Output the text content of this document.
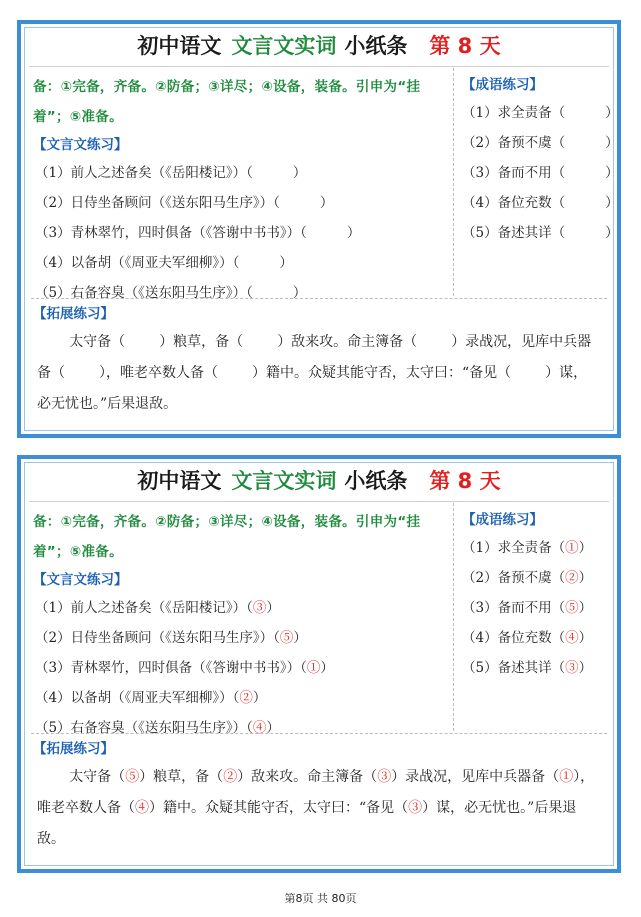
初中语文 文言文实词 小纸条 第 8 天
备：①完备，齐备。②防备；③详尽；④设备，装备。引申为“挂着”；⑤准备。
【文言文练习】
（1）前人之述备矣（《岳阳楼记》）（	）
（2）日侍坐备顾问（《送东阳马生序》）（	）
（3）青林翠竹，四时俱备（《答谢中书书》）（	）
（4）以备胡（《周亚夫军细柳》）（	）
（5）右备容臭（《送东阳马生序》）（	）
【成语练习】
（1）求全责备（	）
（2）备预不虞（	）
（3）备而不用（	）
（4）备位充数（	）
（5）备述其详（	）
【拓展练习】
太守备（ ）粮草，备（ ）敌来攻。命主簿备（ ）录战况，见库中兵器备（ ），唯老卒数人备（ ）籍中。众疑其能守否，太守曰：“备见（ ）谋，必无忧也。”后果退敌。
初中语文 文言文实词 小纸条 第 8 天
备：①完备，齐备。②防备；③详尽；④设备，装备。引申为“挂着”；⑤准备。
【文言文练习】
（1）前人之述备矣（《岳阳楼记》）（③）
（2）日侍坐备顾问（《送东阳马生序》）（⑤）
（3）青林翠竹，四时俱备（《答谢中书书》）（①）
（4）以备胡（《周亚夫军细柳》）（②）
（5）右备容臭（《送东阳马生序》）（④）
【成语练习】
（1）求全责备（①）
（2）备预不虞（②）
（3）备而不用（⑤）
（4）备位充数（④）
（5）备述其详（③）
【拓展练习】
太守备（⑤）粮草，备（②）敌来攻。命主簿备（③）录战况，见库中兵器备（①），唯老卒数人备（④）籍中。众疑其能守否，太守曰：“备见（③）谋，必无忧也。”后果退敌。
第8页 共 80页
